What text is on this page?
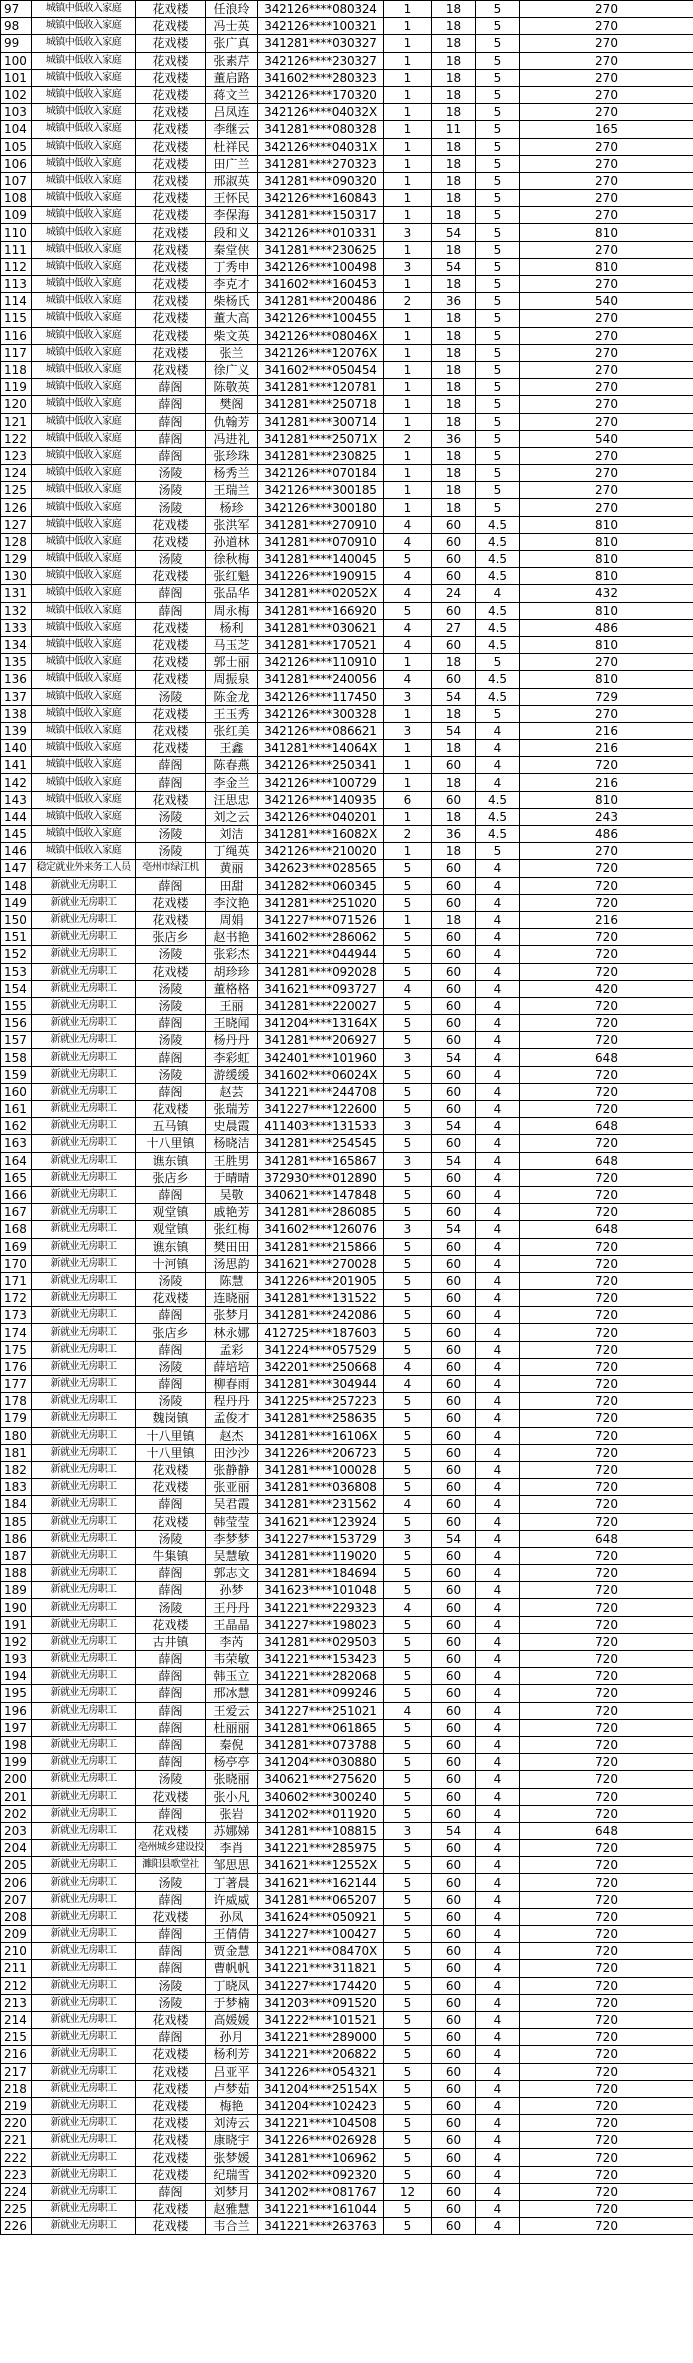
97	城镇中低收入家庭	花戏楼	任浪玲	342126****080324	1	18	5	270
98	城镇中低收入家庭	花戏楼	冯士英	342126****100321	1	18	5	270
99	城镇中低收入家庭	花戏楼	张广真	341281****030327	1	18	5	270
100	城镇中低收入家庭	花戏楼	张素芹	342126****230327	1	18	5	270
101	城镇中低收入家庭	花戏楼	董启路	341602****280323	1	18	5	270
102	城镇中低收入家庭	花戏楼	蒋文兰	342126****170320	1	18	5	270
103	城镇中低收入家庭	花戏楼	吕凤连	342126****04032X	1	18	5	270
104	城镇中低收入家庭	花戏楼	李继云	341281****080328	1	11	5	165
105	城镇中低收入家庭	花戏楼	杜祥民	342126****04031X	1	18	5	270
106	城镇中低收入家庭	花戏楼	田广兰	341281****270323	1	18	5	270
107	城镇中低收入家庭	花戏楼	邢淑英	341281****090320	1	18	5	270
108	城镇中低收入家庭	花戏楼	王怀民	342126****160843	1	18	5	270
109	城镇中低收入家庭	花戏楼	李保海	341281****150317	1	18	5	270
110	城镇中低收入家庭	花戏楼	段和义	342126****010331	3	54	5	810
111	城镇中低收入家庭	花戏楼	秦堂侠	341281****230625	1	18	5	270
112	城镇中低收入家庭	花戏楼	丁秀申	342126****100498	3	54	5	810
113	城镇中低收入家庭	花戏楼	李克才	341602****160453	1	18	5	270
114	城镇中低收入家庭	花戏楼	柴杨氏	341281****200486	2	36	5	540
115	城镇中低收入家庭	花戏楼	董大高	342126****100455	1	18	5	270
116	城镇中低收入家庭	花戏楼	柴文英	342126****08046X	1	18	5	270
117	城镇中低收入家庭	花戏楼	张兰	342126****12076X	1	18	5	270
118	城镇中低收入家庭	花戏楼	徐广义	341602****050454	1	18	5	270
119	城镇中低收入家庭	薛阁	陈敬英	341281****120781	1	18	5	270
120	城镇中低收入家庭	薛阁	樊阁	341281****250718	1	18	5	270
121	城镇中低收入家庭	薛阁	仇翰芳	341281****300714	1	18	5	270
122	城镇中低收入家庭	薛阁	冯进礼	341281****25071X	2	36	5	540
123	城镇中低收入家庭	薛阁	张珍珠	341281****230825	1	18	5	270
124	城镇中低收入家庭	汤陵	杨秀兰	342126****070184	1	18	5	270
125	城镇中低收入家庭	汤陵	王瑞兰	342126****300185	1	18	5	270
126	城镇中低收入家庭	汤陵	杨珍	342126****300180	1	18	5	270
127	城镇中低收入家庭	花戏楼	张洪军	341281****270910	4	60	4.5	810
128	城镇中低收入家庭	花戏楼	孙道林	341281****070910	4	60	4.5	810
129	城镇中低收入家庭	汤陵	徐秋梅	341281****140045	5	60	4.5	810
130	城镇中低收入家庭	花戏楼	张红魁	341226****190915	4	60	4.5	810
131	城镇中低收入家庭	薛阁	张品华	341281****02052X	4	24	4	432
132	城镇中低收入家庭	薛阁	周永梅	341281****166920	5	60	4.5	810
133	城镇中低收入家庭	花戏楼	杨利	341281****030621	4	27	4.5	486
134	城镇中低收入家庭	花戏楼	马玉芝	341281****170521	4	60	4.5	810
135	城镇中低收入家庭	花戏楼	郭士丽	342126****110910	1	18	5	270
136	城镇中低收入家庭	花戏楼	周振泉	341281****240056	4	60	4.5	810
137	城镇中低收入家庭	汤陵	陈金龙	342126****117450	3	54	4.5	729
138	城镇中低收入家庭	花戏楼	王玉秀	342126****300328	1	18	5	270
139	城镇中低收入家庭	花戏楼	张红美	342126****086621	3	54	4	216
140	城镇中低收入家庭	花戏楼	王鑫	341281****14064X	1	18	4	216
141	城镇中低收入家庭	薛阁	陈春燕	342126****250341	1	60	4	720
142	城镇中低收入家庭	薛阁	李金兰	342126****100729	1	18	4	216
143	城镇中低收入家庭	花戏楼	汪思忠	342126****140935	6	60	4.5	810
144	城镇中低收入家庭	汤陵	刘之云	342126****040201	1	18	4.5	243
145	城镇中低收入家庭	汤陵	刘洁	341281****16082X	2	36	4.5	486
146	城镇中低收入家庭	汤陵	丁绳英	342126****210020	1	18	5	270
147	稳定就业外来务工人员	亳州市绿江机	黄丽	342623****028565	5	60	4	720
148	新就业无房职工	薛阁	田甜	341282****060345	5	60	4	720
149	新就业无房职工	花戏楼	李汶艳	341281****251020	5	60	4	720
150	新就业无房职工	花戏楼	周娟	341227****071526	1	18	4	216
151	新就业无房职工	张店乡	赵书艳	341602****286062	5	60	4	720
152	新就业无房职工	汤陵	张彩杰	341221****044944	5	60	4	720
153	新就业无房职工	花戏楼	胡珍珍	341281****092028	5	60	4	720
154	新就业无房职工	汤陵	董格格	341621****093727	4	60	4	420
155	新就业无房职工	汤陵	王丽	341281****220027	5	60	4	720
156	新就业无房职工	薛阁	王晓闻	341204****13164X	5	60	4	720
157	新就业无房职工	汤陵	杨丹丹	341281****206927	5	60	4	720
158	新就业无房职工	薛阁	李彩虹	342401****101960	3	54	4	648
159	新就业无房职工	汤陵	游缓缓	341602****06024X	5	60	4	720
160	新就业无房职工	薛阁	赵芸	341221****244708	5	60	4	720
161	新就业无房职工	花戏楼	张瑞芳	341227****122600	5	60	4	720
162	新就业无房职工	五马镇	史晨霞	411403****131533	3	54	4	648
163	新就业无房职工	十八里镇	杨晓洁	341281****254545	5	60	4	720
164	新就业无房职工	谯东镇	王胜男	341281****165867	3	54	4	648
165	新就业无房职工	张店乡	于晴晴	372930****012890	5	60	4	720
166	新就业无房职工	薛阁	吴敬	340621****147848	5	60	4	720
167	新就业无房职工	观堂镇	戚艳芳	341281****286085	5	60	4	720
168	新就业无房职工	观堂镇	张红梅	341602****126076	3	54	4	648
169	新就业无房职工	谯东镇	樊田田	341281****215866	5	60	4	720
170	新就业无房职工	十河镇	汤思韵	341621****270028	5	60	4	720
171	新就业无房职工	汤陵	陈慧	341226****201905	5	60	4	720
172	新就业无房职工	花戏楼	连晓丽	341281****131522	5	60	4	720
173	新就业无房职工	薛阁	张梦月	341281****242086	5	60	4	720
174	新就业无房职工	张店乡	林永娜	412725****187603	5	60	4	720
175	新就业无房职工	薛阁	孟彩	341224****057529	5	60	4	720
176	新就业无房职工	汤陵	薛培培	342201****250668	4	60	4	720
177	新就业无房职工	薛阁	柳春雨	341281****304944	4	60	4	720
178	新就业无房职工	汤陵	程丹丹	341225****257223	5	60	4	720
179	新就业无房职工	魏岗镇	孟俊才	341281****258635	5	60	4	720
180	新就业无房职工	十八里镇	赵杰	341281****16106X	5	60	4	720
181	新就业无房职工	十八里镇	田沙沙	341226****206723	5	60	4	720
182	新就业无房职工	花戏楼	张静静	341281****100028	5	60	4	720
183	新就业无房职工	花戏楼	张亚丽	341281****036808	5	60	4	720
184	新就业无房职工	薛阁	吴君霞	341281****231562	4	60	4	720
185	新就业无房职工	花戏楼	韩莹莹	341621****123924	5	60	4	720
186	新就业无房职工	汤陵	李梦梦	341227****153729	3	54	4	648
187	新就业无房职工	牛集镇	吴慧敏	341281****119020	5	60	4	720
188	新就业无房职工	薛阁	郭志文	341281****184694	5	60	4	720
189	新就业无房职工	薛阁	孙梦	341623****101048	5	60	4	720
190	新就业无房职工	汤陵	王丹丹	341221****229323	4	60	4	720
191	新就业无房职工	花戏楼	王晶晶	341227****198023	5	60	4	720
192	新就业无房职工	古井镇	李芮	341281****029503	5	60	4	720
193	新就业无房职工	薛阁	韦荣敏	341221****153423	5	60	4	720
194	新就业无房职工	薛阁	韩玉立	341221****282068	5	60	4	720
195	新就业无房职工	薛阁	邢冰慧	341281****099246	5	60	4	720
196	新就业无房职工	薛阁	王爱云	341227****251021	4	60	4	720
197	新就业无房职工	薛阁	杜丽丽	341281****061865	5	60	4	720
198	新就业无房职工	薛阁	秦倪	341281****073788	5	60	4	720
199	新就业无房职工	薛阁	杨亭亭	341204****030880	5	60	4	720
200	新就业无房职工	汤陵	张晓丽	340621****275620	5	60	4	720
201	新就业无房职工	花戏楼	张小凡	340602****300240	5	60	4	720
202	新就业无房职工	薛阁	张岩	341202****011920	5	60	4	720
203	新就业无房职工	花戏楼	苏娜娣	341281****108815	3	54	4	648
204	新就业无房职工	亳州城乡建设投	李肖	341221****285975	5	60	4	720
205	新就业无房职工	濉阳县歌堂社	邹思思	341621****12552X	5	60	4	720
206	新就业无房职工	汤陵	丁著晨	341621****162144	5	60	4	720
207	新就业无房职工	薛阁	许威威	341281****065207	5	60	4	720
208	新就业无房职工	花戏楼	孙凤	341624****050921	5	60	4	720
209	新就业无房职工	薛阁	王倩倩	341227****100427	5	60	4	720
210	新就业无房职工	薛阁	贾金慧	341221****08470X	5	60	4	720
211	新就业无房职工	薛阁	曹帆帆	341221****311821	5	60	4	720
212	新就业无房职工	汤陵	丁晓凤	341227****174420	5	60	4	720
213	新就业无房职工	汤陵	于梦楠	341203****091520	5	60	4	720
214	新就业无房职工	花戏楼	高媛媛	341222****101521	5	60	4	720
215	新就业无房职工	薛阁	孙月	341221****289000	5	60	4	720
216	新就业无房职工	花戏楼	杨利芳	341221****206822	5	60	4	720
217	新就业无房职工	花戏楼	吕亚平	341226****054321	5	60	4	720
218	新就业无房职工	花戏楼	卢梦茹	341204****25154X	5	60	4	720
219	新就业无房职工	花戏楼	梅艳	341204****102423	5	60	4	720
220	新就业无房职工	花戏楼	刘涛云	341221****104508	5	60	4	720
221	新就业无房职工	花戏楼	康晓宇	341226****026928	5	60	4	720
222	新就业无房职工	花戏楼	张梦媛	341281****106962	5	60	4	720
223	新就业无房职工	花戏楼	纪瑞雪	341202****092320	5	60	4	720
224	新就业无房职工	薛阁	刘梦月	341202****081767	12	60	4	720
225	新就业无房职工	花戏楼	赵雅慧	341221****161044	5	60	4	720
226	新就业无房职工	花戏楼	韦合兰	341221****263763	5	60	4	720
